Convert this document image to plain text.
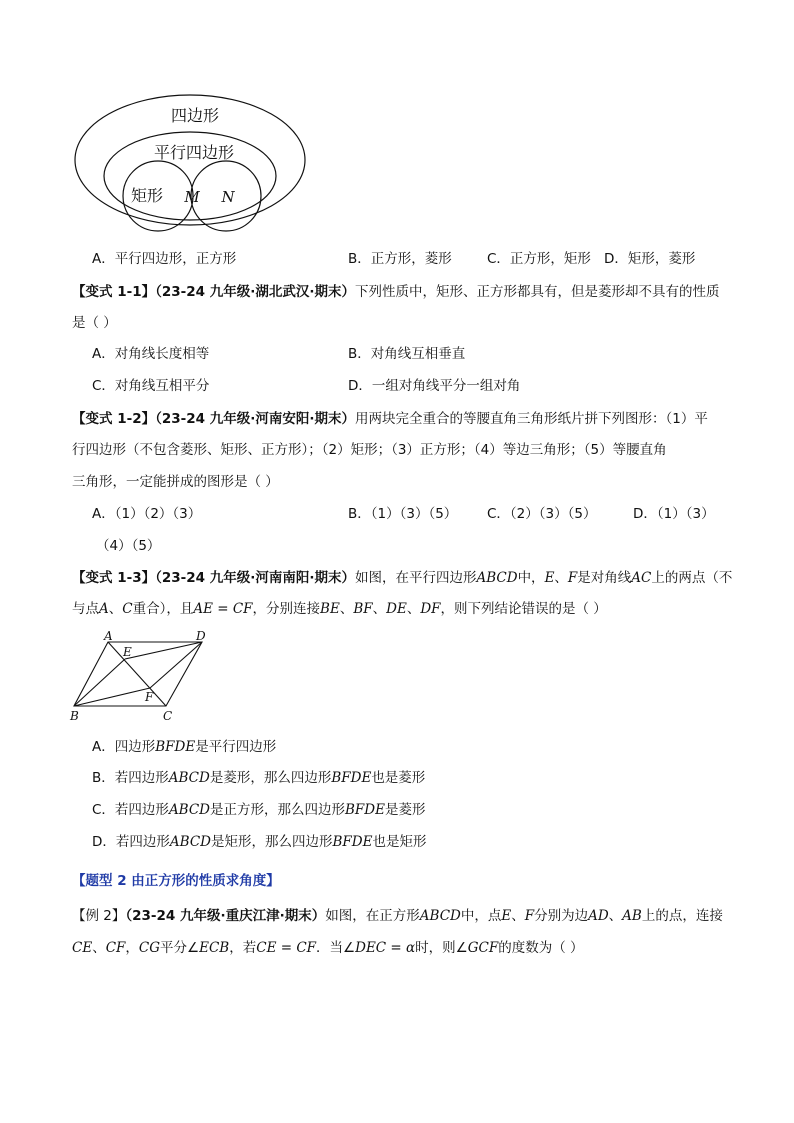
四边形
平行四边形
矩形 M N
A．平行四边形，正方形	B．正方形，菱形	C．正方形，矩形 D．矩形，菱形
【变式 1-1】（23-24 九年级·湖北武汉·期末）下列性质中，矩形、正方形都具有，但是菱形却不具有的性质
是（ ）
A．对角线长度相等	B．对角线互相垂直
C．对角线互相平分	D．一组对角线平分一组对角
【变式 1-2】（23-24 九年级·河南安阳·期末）用两块完全重合的等腰直角三角形纸片拼下列图形：（1）平
行四边形（不包含菱形、矩形、正方形）；（2）矩形；（3）正方形；（4）等边三角形；（5）等腰直角
三角形，一定能拼成的图形是（ ）
A．（1）（2）（3）	B．（1）（3）（5） C．（2）（3）（5）	D．（1）（3）
（4）（5）
【变式 1-3】（23-24 九年级·河南南阳·期末）如图，在平行四边形ABCD中，E、F是对角线AC上的两点（不
与点A、C重合），且AE = CF，分别连接BE、BF、DE、DF，则下列结论错误的是（ ）
A	D
E
F
B	C
A．四边形BFDE是平行四边形
B．若四边形ABCD是菱形，那么四边形BFDE也是菱形
C．若四边形ABCD是正方形，那么四边形BFDE是菱形
D．若四边形ABCD是矩形，那么四边形BFDE也是矩形
【题型 2 由正方形的性质求角度】
【例 2】（23-24 九年级·重庆江津·期末）如图，在正方形ABCD中，点E、F分别为边AD、AB上的点，连接
CE、CF，CG平分∠ECB，若CE = CF．当∠DEC = α时，则∠GCF的度数为（ ）
